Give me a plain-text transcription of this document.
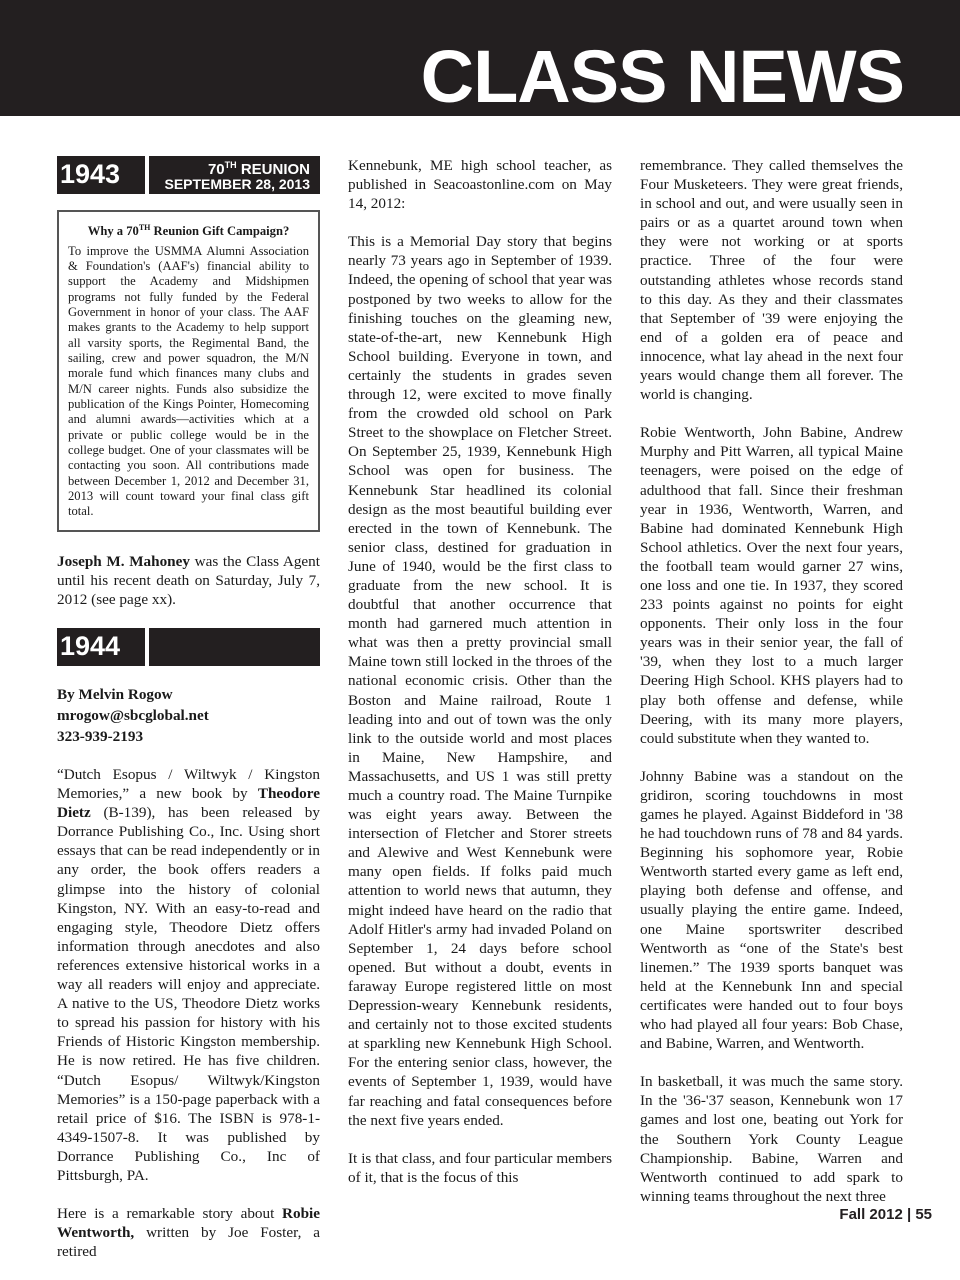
CLASS NEWS
1943	70TH REUNION
SEPTEMBER 28, 2013
Why a 70TH Reunion Gift Campaign?
To improve the USMMA Alumni Association & Foundation's (AAF's) financial ability to support the Academy and Midshipmen programs not fully funded by the Federal Government in honor of your class. The AAF makes grants to the Academy to help support all varsity sports, the Regimental Band, the sailing, crew and power squadron, the M/N morale fund which finances many clubs and M/N career nights. Funds also subsidize the publication of the Kings Pointer, Homecoming and alumni awards—activities which at a private or public college would be in the college budget. One of your classmates will be contacting you soon. All contributions made between December 1, 2012 and December 31, 2013 will count toward your final class gift total.

Joseph M. Mahoney was the Class Agent until his recent death on Saturday, July 7, 2012 (see page xx).

1944
By Melvin Rogow
mrogow@sbcglobal.net
323-939-2193

“Dutch Esopus / Wiltwyk / Kingston Memories,” a new book by Theodore Dietz (B-139), has been released by Dorrance Publishing Co., Inc. Using short essays that can be read independently or in any order, the book offers readers a glimpse into the history of colonial Kingston, NY. With an easy-to-read and engaging style, Theodore Dietz offers information through anecdotes and also references extensive historical works in a way all readers will enjoy and appreciate. A native to the US, Theodore Dietz works to spread his passion for history with his Friends of Historic Kingston membership. He is now retired. He has five children. “Dutch Esopus/ Wiltwyk/Kingston Memories” is a 150-page paperback with a retail price of $16. The ISBN is 978-1-4349-1507-8. It was published by Dorrance Publishing Co., Inc of Pittsburgh, PA.

Here is a remarkable story about Robie Wentworth, written by Joe Foster, a retired

Kennebunk, ME high school teacher, as published in Seacoastonline.com on May 14, 2012:

This is a Memorial Day story that begins nearly 73 years ago in September of 1939. Indeed, the opening of school that year was postponed by two weeks to allow for the finishing touches on the gleaming new, state-of-the-art, new Kennebunk High School building. Everyone in town, and certainly the students in grades seven through 12, were excited to move finally from the crowded old school on Park Street to the showplace on Fletcher Street. On September 25, 1939, Kennebunk High School was open for business. The Kennebunk Star headlined its colonial design as the most beautiful building ever erected in the town of Kennebunk. The senior class, destined for graduation in June of 1940, would be the first class to graduate from the new school. It is doubtful that another occurrence that month had garnered much attention in what was then a pretty provincial small Maine town still locked in the throes of the national economic crisis. Other than the Boston and Maine railroad, Route 1 leading into and out of town was the only link to the outside world and most places in Maine, New Hampshire, and Massachusetts, and US 1 was still pretty much a country road. The Maine Turnpike was eight years away. Between the intersection of Fletcher and Storer streets and Alewive and West Kennebunk were many open fields. If folks paid much attention to world news that autumn, they might indeed have heard on the radio that Adolf Hitler's army had invaded Poland on September 1, 24 days before school opened. But without a doubt, events in faraway Europe registered little on most Depression-weary Kennebunk residents, and certainly not to those excited students at sparkling new Kennebunk High School. For the entering senior class, however, the events of September 1, 1939, would have far reaching and fatal consequences before the next five years ended.

It is that class, and four particular members of it, that is the focus of this

remembrance. They called themselves the Four Musketeers. They were great friends, in school and out, and were usually seen in pairs or as a quartet around town when they were not working or at sports practice. Three of the four were outstanding athletes whose records stand to this day. As they and their classmates that September of '39 were enjoying the end of a golden era of peace and innocence, what lay ahead in the next four years would change them all forever. The world is changing.

Robie Wentworth, John Babine, Andrew Murphy and Pitt Warren, all typical Maine teenagers, were poised on the edge of adulthood that fall. Since their freshman year in 1936, Wentworth, Warren, and Babine had dominated Kennebunk High School athletics. Over the next four years, the football team would garner 27 wins, one loss and one tie. In 1937, they scored 233 points against no points for eight opponents. Their only loss in the four years was in their senior year, the fall of '39, when they lost to a much larger Deering High School. KHS players had to play both offense and defense, while Deering, with its many more players, could substitute when they wanted to.

Johnny Babine was a standout on the gridiron, scoring touchdowns in most games he played. Against Biddeford in '38 he had touchdown runs of 78 and 84 yards. Beginning his sophomore year, Robie Wentworth started every game as left end, playing both defense and offense, and usually playing the entire game. Indeed, one Maine sportswriter described Wentworth as “one of the State's best linemen.” The 1939 sports banquet was held at the Kennebunk Inn and special certificates were handed out to four boys who had played all four years: Bob Chase, and Babine, Warren, and Wentworth.

In basketball, it was much the same story. In the '36-'37 season, Kennebunk won 17 games and lost one, beating out York for the Southern York County League Championship. Babine, Warren and Wentworth continued to add spark to winning teams throughout the next three

Fall 2012 | 55
